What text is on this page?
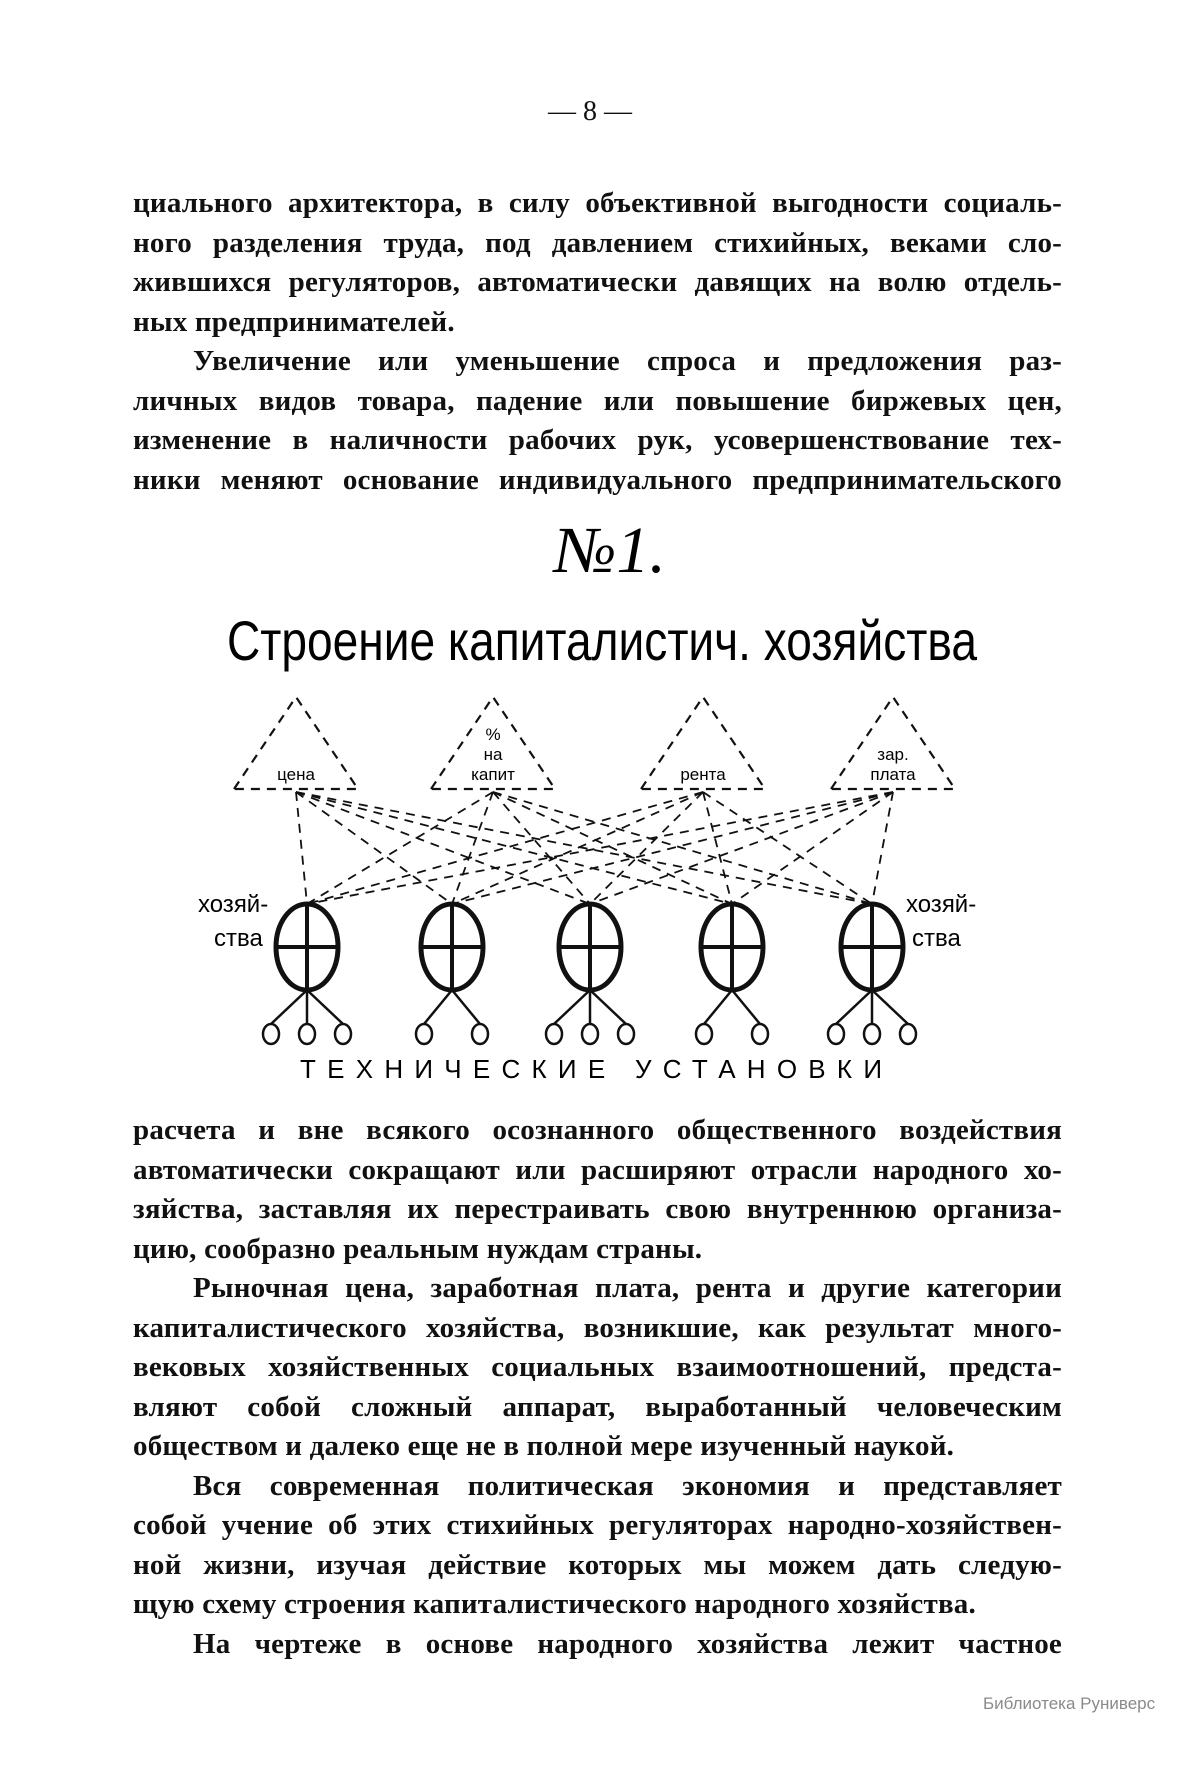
— 8 —
циального архитектора, в силу объективной выгодности социаль-
ного разделения труда, под давлением стихийных, веками сло-
жившихся регуляторов, автоматически давящих на волю отдель-
ных предпринимателей.
Увеличение или уменьшение спроса и предложения раз-
личных видов товара, падение или повышение биржевых цен,
изменение в наличности рабочих рук, усовершенствование тех-
ники меняют основание индивидуального предпринимательского
№1.
Строение капиталистич. хозяйства
цена
%
на
капит	рента
зар.
плата
хозяй-
ства
хозяй-
ства
ТЕХНИЧЕСКИЕ УСТАНОВКИ
расчета и вне всякого осознанного общественного воздействия
автоматически сокращают или расширяют отрасли народного хо-
зяйства, заставляя их перестраивать свою внутреннюю организа-
цию, сообразно реальным нуждам страны.
Рыночная цена, заработная плата, рента и другие категории
капиталистического хозяйства, возникшие, как результат много-
вековых хозяйственных социальных взаимоотношений, предста-
вляют собой сложный аппарат, выработанный человеческим
обществом и далеко еще не в полной мере изученный наукой.
Вся современная политическая экономия и представляет
собой учение об этих стихийных регуляторах народно-хозяйствен-
ной жизни, изучая действие которых мы можем дать следую-
щую схему строения капиталистического народного хозяйства.
На чертеже в основе народного хозяйства лежит частное
Библиотека Руниверс
